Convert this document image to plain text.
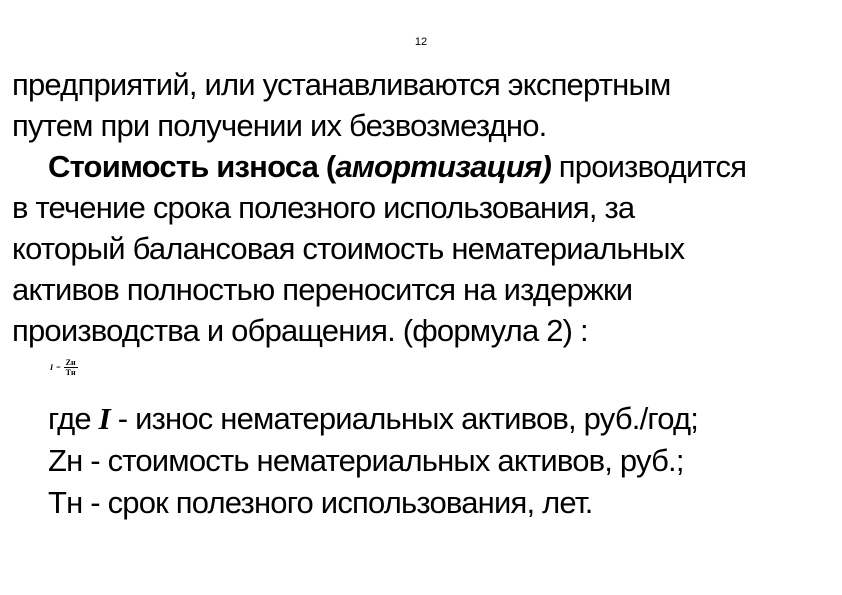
12
предприятий, или устанавливаются экспертным
путем при получении их безвозмездно.
Стоимость износа (амортизация) производится
в течение срока полезного использования, за
который балансовая стоимость нематериальных
активов полностью переносится на издержки
производства и обращения. (формула 2) :
$I = \frac{Zн}{Тн}$
где I - износ нематериальных активов, руб./год;
Zн - стоимость нематериальных активов, руб.;
Тн - срок полезного использования, лет.
